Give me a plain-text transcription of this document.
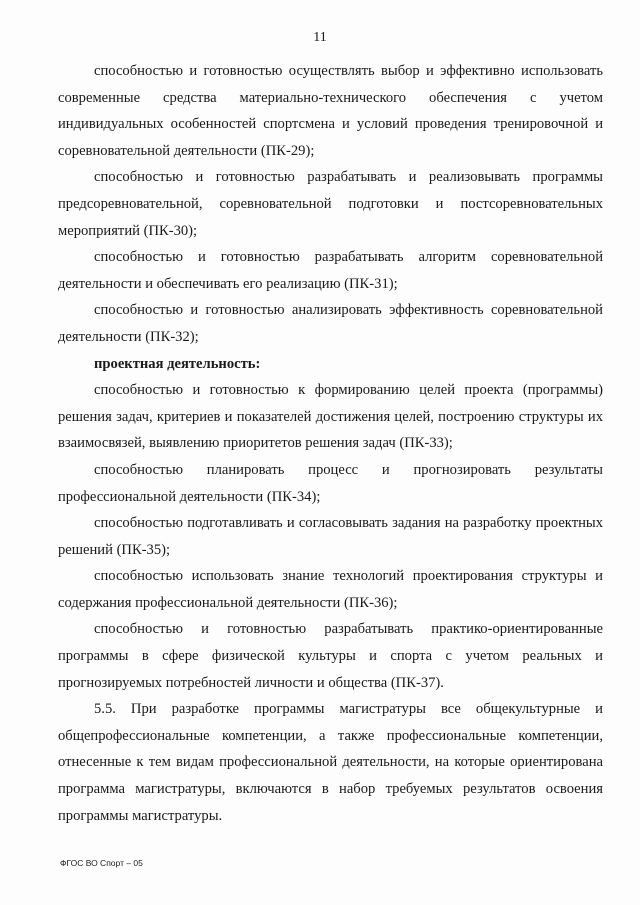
11

способностью и готовностью осуществлять выбор и эффективно использовать современные средства материально-технического обеспечения с учетом индивидуальных особенностей спортсмена и условий проведения тренировочной и соревновательной деятельности (ПК-29);

способностью и готовностью разрабатывать и реализовывать программы предсоревновательной, соревновательной подготовки и постсоревновательных мероприятий (ПК-30);

способностью и готовностью разрабатывать алгоритм соревновательной деятельности и обеспечивать его реализацию (ПК-31);

способностью и готовностью анализировать эффективность соревновательной деятельности (ПК-32);

проектная деятельность:

способностью и готовностью к формированию целей проекта (программы) решения задач, критериев и показателей достижения целей, построению структуры их взаимосвязей, выявлению приоритетов решения задач (ПК-33);

способностью планировать процесс и прогнозировать результаты профессиональной деятельности (ПК-34);

способностью подготавливать и согласовывать задания на разработку проектных решений (ПК-35);

способностью использовать знание технологий проектирования структуры и содержания профессиональной деятельности (ПК-36);

способностью и готовностью разрабатывать практико-ориентированные программы в сфере физической культуры и спорта с учетом реальных и прогнозируемых потребностей личности и общества (ПК-37).

5.5. При разработке программы магистратуры все общекультурные и общепрофессиональные компетенции, а также профессиональные компетенции, отнесенные к тем видам профессиональной деятельности, на которые ориентирована программа магистратуры, включаются в набор требуемых результатов освоения программы магистратуры.

ФГОС ВО Спорт – 05
